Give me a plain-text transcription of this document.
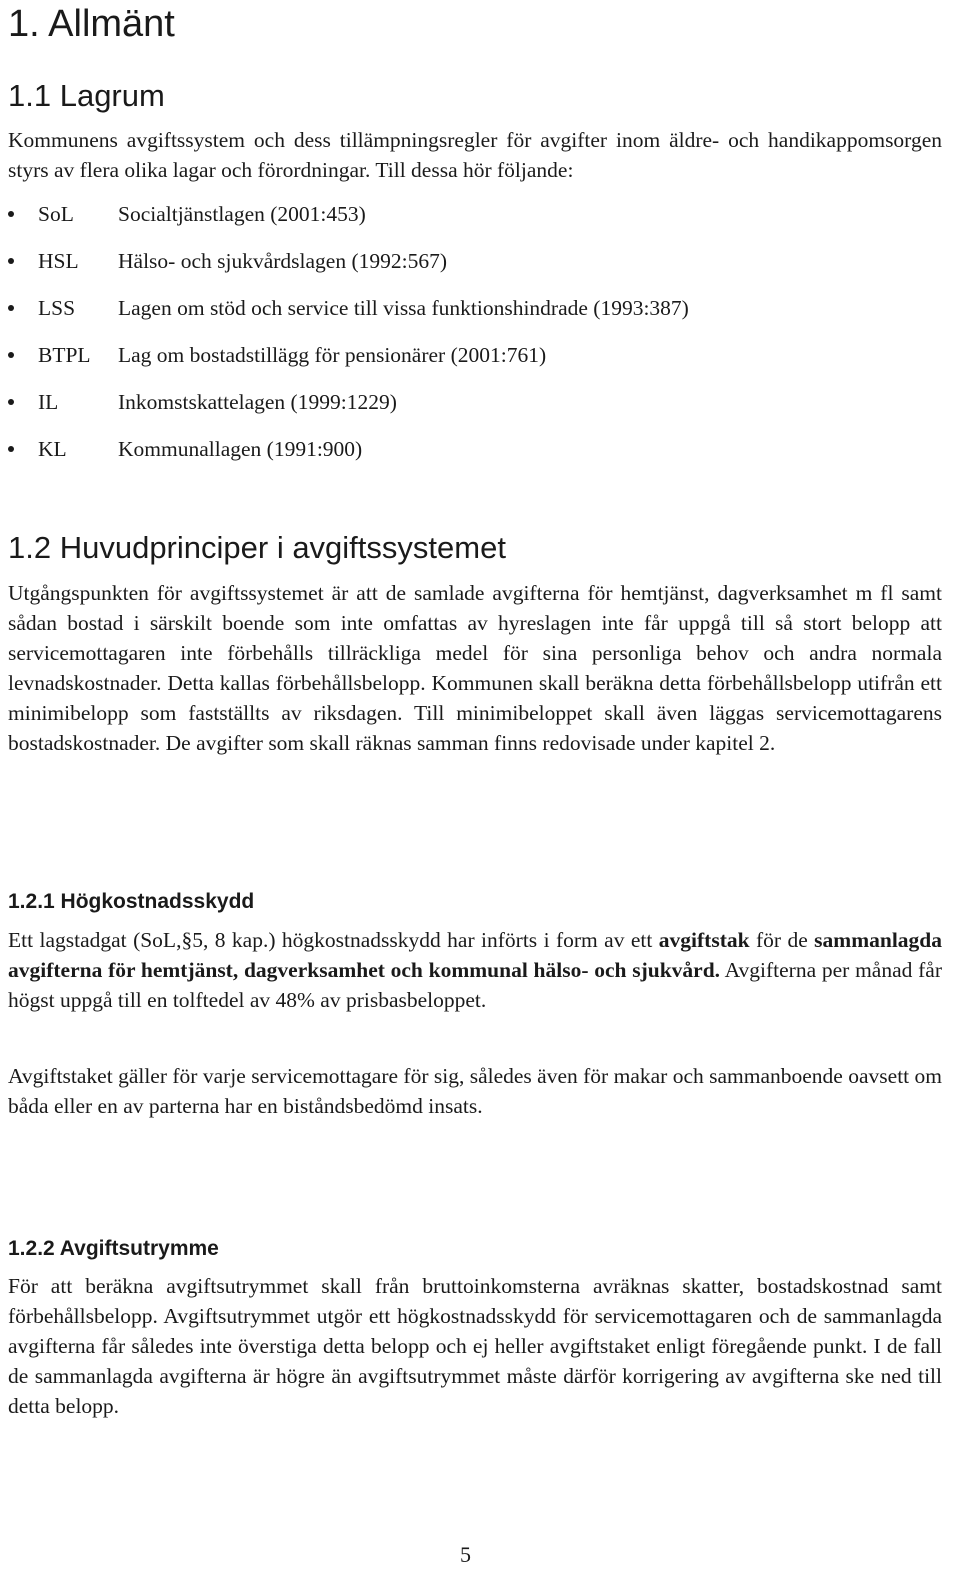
1. Allmänt
1.1 Lagrum

Kommunens avgiftssystem och dess tillämpningsregler för avgifter inom äldre- och handikappomsorgen styrs av flera olika lagar och förordningar. Till dessa hör följande:

SoL Socialtjänstlagen (2001:453)
HSL Hälso- och sjukvårdslagen (1992:567)
LSS Lagen om stöd och service till vissa funktionshindrade (1993:387)
BTPL Lag om bostadstillägg för pensionärer (2001:761)
IL	Inkomstskattelagen (1999:1229)
KL Kommunallagen (1991:900)
1.2 Huvudprinciper i avgiftssystemet

Utgångspunkten för avgiftssystemet är att de samlade avgifterna för hemtjänst, dagverksamhet m fl samt sådan bostad i särskilt boende som inte omfattas av hyreslagen inte får uppgå till så stort belopp att servicemottagaren inte förbehålls tillräckliga medel för sina personliga behov och andra normala levnadskostnader. Detta kallas förbehållsbelopp. Kommunen skall beräkna detta förbehållsbelopp utifrån ett minimibelopp som fastställts av riksdagen. Till minimibeloppet skall även läggas servicemottagarens bostadskostnader. De avgifter som skall räknas samman finns redovisade under kapitel 2.

1.2.1 Högkostnadsskydd

Ett lagstadgat (SoL,§5, 8 kap.) högkostnadsskydd har införts i form av ett avgiftstak för de sammanlagda avgifterna för hemtjänst, dagverksamhet och kommunal hälso- och sjukvård. Avgifterna per månad får högst uppgå till en tolftedel av 48% av prisbasbeloppet.

Avgiftstaket gäller för varje servicemottagare för sig, således även för makar och sammanboende oavsett om båda eller en av parterna har en biståndsbedömd insats.

1.2.2 Avgiftsutrymme

För att beräkna avgiftsutrymmet skall från bruttoinkomsterna avräknas skatter, bostadskostnad samt förbehållsbelopp. Avgiftsutrymmet utgör ett högkostnadsskydd för servicemottagaren och de sammanlagda avgifterna får således inte överstiga detta belopp och ej heller avgiftstaket enligt föregående punkt. I de fall de sammanlagda avgifterna är högre än avgiftsutrymmet måste därför korrigering av avgifterna ske ned till detta belopp.

5
